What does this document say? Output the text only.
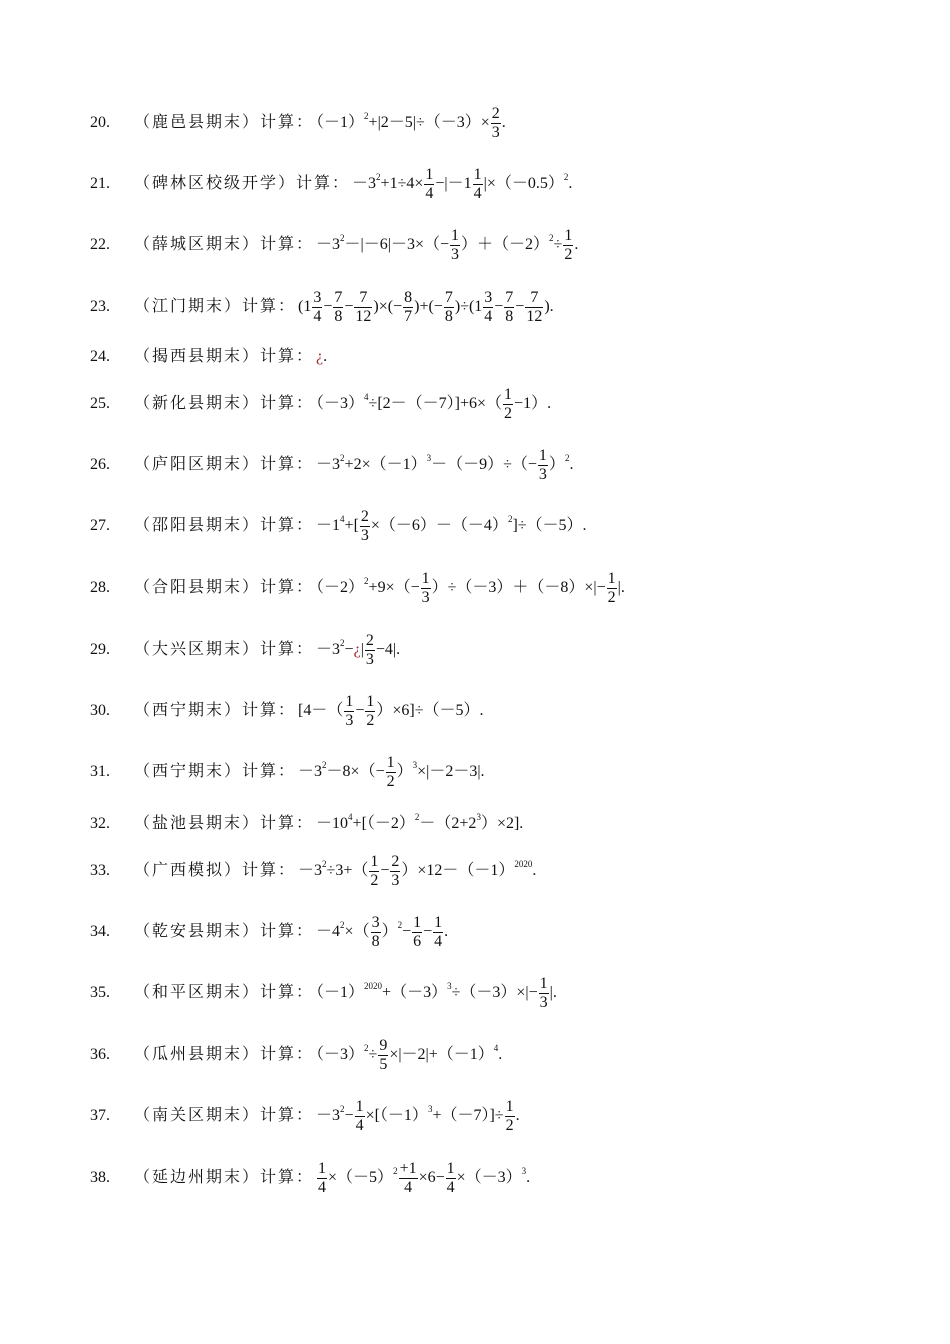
20. （鹿邑县期末）计算： $(-1)^2+|2-5|\div(-3)\times \frac{2}{3}$ .
21. （碑林区校级开学）计算： $-3^2+1\div 4\times \frac{1}{4} -|-1 \frac{1}{4} |\times(-0.5)^2$.
22. （薛城区期末）计算： $-3^2-|-6|-3\times(- \frac{1}{3} )+(-2)^2\div \frac{1}{2}$ .
23. （江门期末）计算： ($1 \frac{3}{4} - \frac{7}{8} - \frac{7}{12}$ )×(− $\frac{8}{7}$ )+(− $\frac{7}{8} )\div(1 \frac{3}{4} - \frac{7}{8} - \frac{7}{12}$ ).
24. （揭西县期末）计算： ¿.
25. （新化县期末）计算： $(-3)^4\div[2-(-7)]+6\times( \frac{1}{2} -1)$.
26. （庐阳区期末）计算： $-3^2+2\times(-1)^3-(-9)\div(- \frac{1}{3} )^2$.
27. （邵阳县期末）计算： $-1^4+[ \frac{2}{3} \times(-6)-(-4)^2]\div(-5)$.
28. （合阳县期末）计算： $(-2)^2+9\times(- \frac{1}{3} )\div(-3)+(-8)\times|- \frac{1}{2}$ |.
29. （大兴区期末）计算： $-3^2-¿| \frac{2}{3} -4|$.
30. （西宁期末）计算： $[4-( \frac{1}{3} - \frac{1}{2} )\times 6]\div(-5)$.
31. （西宁期末）计算： $-3^2-8\times(- \frac{1}{2} )^3\times|-2-3|$.
32. （盐池县期末）计算： $-10^4+[(-2)^2-(2+2^3)\times 2]$.
33. （广西模拟）计算： $-3^2\div 3+( \frac{1}{2} - \frac{2}{3} )\times 12-(-1)^{2020}$.
34. （乾安县期末）计算： $-4^2\times( \frac{3}{8} )^2- \frac{1}{6} - \frac{1}{4}$ .
35. （和平区期末）计算： $(-1)^{2020}+(-3)^3\div(-3)\times|- \frac{1}{3}$ |.
36. （瓜州县期末）计算： $(-3)^2\div \frac{9}{5} \times|-2|+(-1)^4$.
37. （南关区期末）计算： $-3^2- \frac{1}{4} \times[(-1)^3+(-7)]\div \frac{1}{2}$ .
38. （延边州期末）计算： $\frac{1}{4} \times(-5)^2 \frac{+1}{4} \times 6- \frac{1}{4} \times(-3)^3$.
